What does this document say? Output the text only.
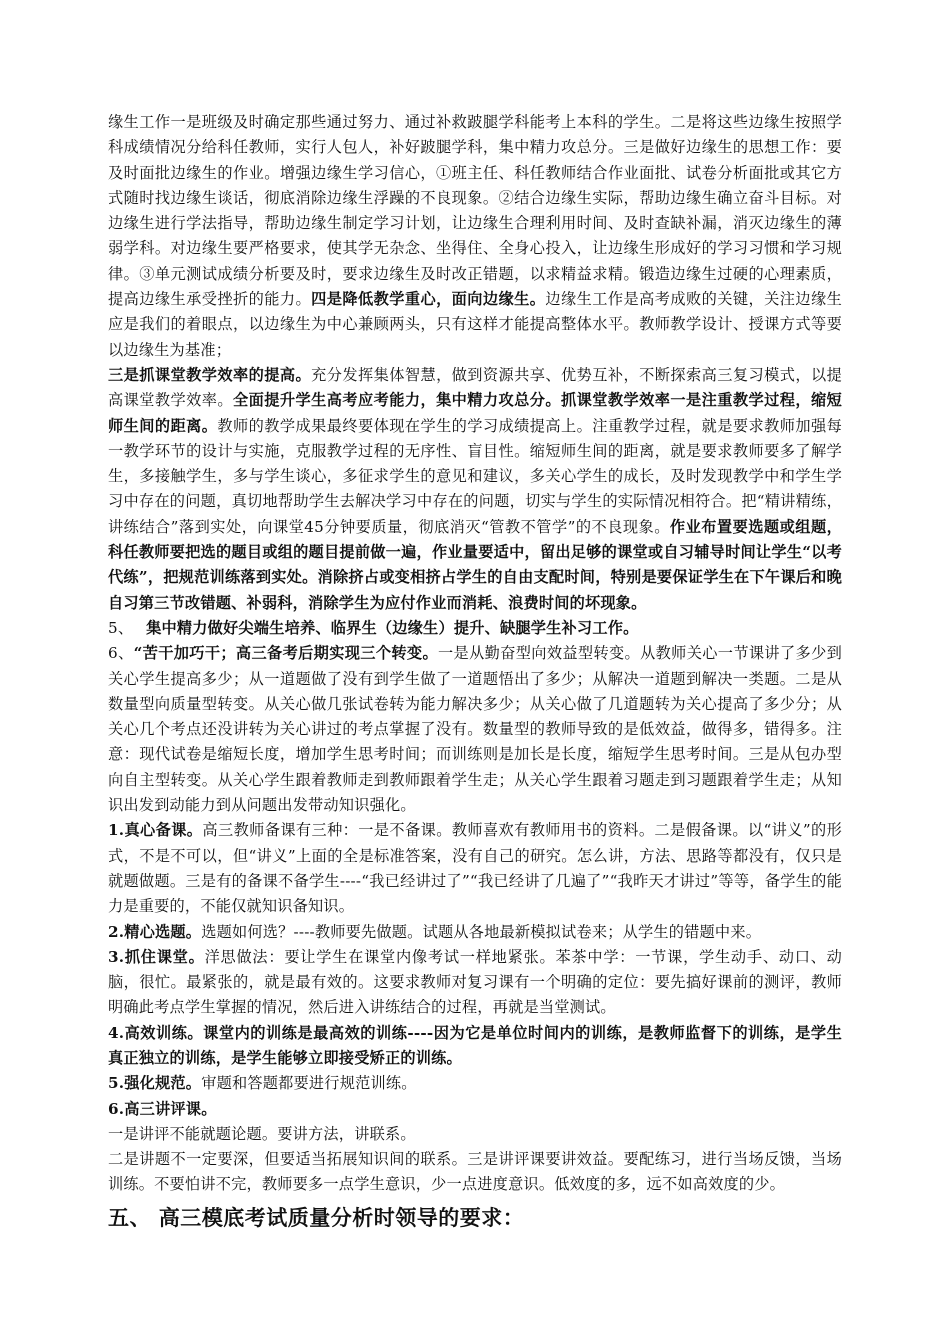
缘生工作一是班级及时确定那些通过努力、通过补救跛腿学科能考上本科的学生。二是将这些边缘生按照学科成绩情况分给科任教师，实行人包人，补好跛腿学科，集中精力攻总分。三是做好边缘生的思想工作：要及时面批边缘生的作业。增强边缘生学习信心，①班主任、科任教师结合作业面批、试卷分析面批或其它方式随时找边缘生谈话，彻底消除边缘生浮躁的不良现象。②结合边缘生实际，帮助边缘生确立奋斗目标。对边缘生进行学法指导，帮助边缘生制定学习计划，让边缘生合理利用时间、及时查缺补漏，消灭边缘生的薄弱学科。对边缘生要严格要求，使其学无杂念、坐得住、全身心投入，让边缘生形成好的学习习惯和学习规律。③单元测试成绩分析要及时，要求边缘生及时改正错题，以求精益求精。锻造边缘生过硬的心理素质，提高边缘生承受挫折的能力。四是降低教学重心，面向边缘生。边缘生工作是高考成败的关键，关注边缘生应是我们的着眼点，以边缘生为中心兼顾两头，只有这样才能提高整体水平。教师教学设计、授课方式等要以边缘生为基准；

三是抓课堂教学效率的提高。充分发挥集体智慧，做到资源共享、优势互补，不断探索高三复习模式，以提高课堂教学效率。全面提升学生高考应考能力，集中精力攻总分。抓课堂教学效率一是注重教学过程，缩短师生间的距离。教师的教学成果最终要体现在学生的学习成绩提高上。注重教学过程，就是要求教师加强每一教学环节的设计与实施，克服教学过程的无序性、盲目性。缩短师生间的距离，就是要求教师要多了解学生，多接触学生，多与学生谈心，多征求学生的意见和建议，多关心学生的成长，及时发现教学中和学生学习中存在的问题，真切地帮助学生去解决学习中存在的问题，切实与学生的实际情况相符合。把“精讲精练，讲练结合”落到实处，向课堂45分钟要质量，彻底消灭“管教不管学”的不良现象。作业布置要选题或组题，科任教师要把选的题目或组的题目提前做一遍，作业量要适中，留出足够的课堂或自习辅导时间让学生“以考代练”，把规范训练落到实处。消除挤占或变相挤占学生的自由支配时间，特别是要保证学生在下午课后和晚自习第三节改错题、补弱科，消除学生为应付作业而消耗、浪费时间的坏现象。

5、　 集中精力做好尖端生培养、临界生（边缘生）提升、缺腿学生补习工作。

6、“苦干加巧干；高三备考后期实现三个转变。一是从勤奋型向效益型转变。从教师关心一节课讲了多少到关心学生提高多少；从一道题做了没有到学生做了一道题悟出了多少；从解决一道题到解决一类题。二是从数量型向质量型转变。从关心做几张试卷转为能力解决多少；从关心做了几道题转为关心提高了多少分；从关心几个考点还没讲转为关心讲过的考点掌握了没有。数量型的教师导致的是低效益，做得多，错得多。注意：现代试卷是缩短长度，增加学生思考时间；而训练则是加长是长度，缩短学生思考时间。三是从包办型向自主型转变。从关心学生跟着教师走到教师跟着学生走；从关心学生跟着习题走到习题跟着学生走；从知识出发到动能力到从问题出发带动知识强化。

1.真心备课。高三教师备课有三种：一是不备课。教师喜欢有教师用书的资料。二是假备课。以“讲义”的形式，不是不可以，但“讲义”上面的全是标准答案，没有自己的研究。怎么讲，方法、思路等都没有，仅只是就题做题。三是有的备课不备学生----“我已经讲过了”“我已经讲了几遍了”“我昨天才讲过”等等，备学生的能力是重要的，不能仅就知识备知识。

2.精心选题。选题如何选？----教师要先做题。试题从各地最新模拟试卷来；从学生的错题中来。

3.抓住课堂。洋思做法：要让学生在课堂内像考试一样地紧张。苯茶中学：一节课，学生动手、动口、动脑，很忙。最紧张的，就是最有效的。这要求教师对复习课有一个明确的定位：要先搞好课前的测评，教师明确此考点学生掌握的情况，然后进入讲练结合的过程，再就是当堂测试。

4.高效训练。课堂内的训练是最高效的训练----因为它是单位时间内的训练，是教师监督下的训练，是学生真正独立的训练，是学生能够立即接受矫正的训练。

5.强化规范。审题和答题都要进行规范训练。

6.高三讲评课。

一是讲评不能就题论题。要讲方法，讲联系。

二是讲题不一定要深，但要适当拓展知识间的联系。三是讲评课要讲效益。要配练习，进行当场反馈，当场训练。不要怕讲不完，教师要多一点学生意识，少一点进度意识。低效度的多，远不如高效度的少。

五、 高三模底考试质量分析时领导的要求：
